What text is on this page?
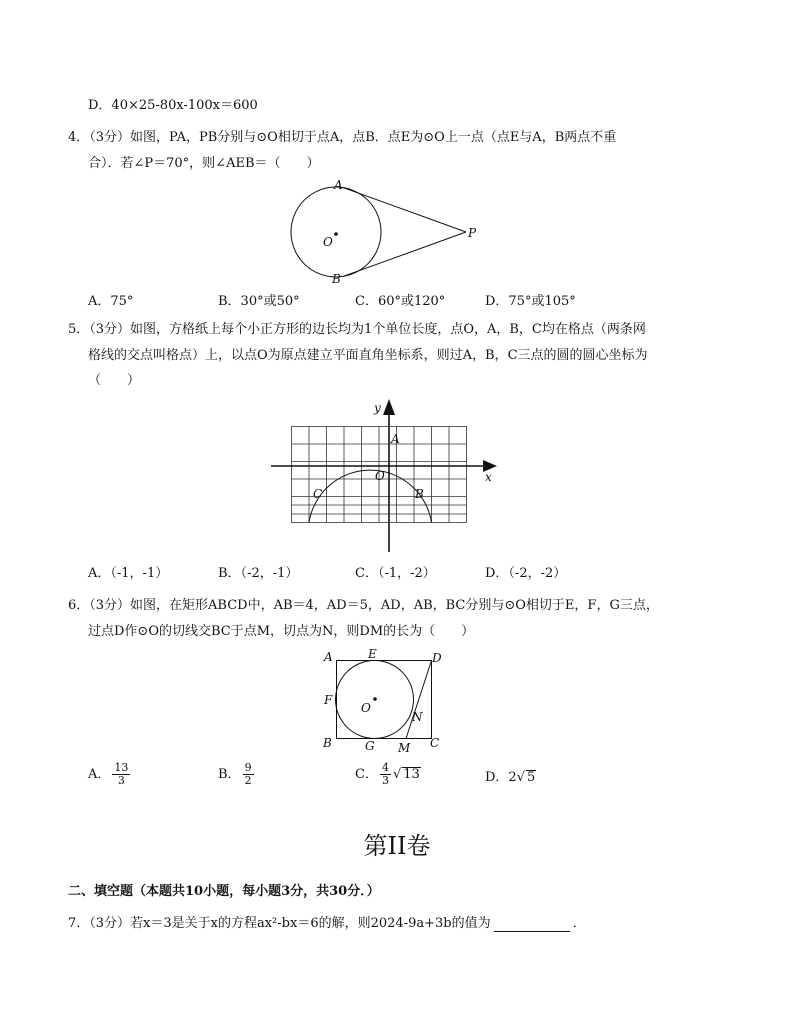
D．40×25-80x-100x＝600
4．（3分）如图，PA，PB分别与⊙O相切于点A，点B．点E为⊙O上一点（点E与A，B两点不重
合）．若∠P＝70°，则∠AEB＝（　　）
A
B
O
P
A．75°	B．30°或50°	C．60°或120°	D．75°或105°
5．（3分）如图，方格纸上每个小正方形的边长均为1个单位长度，点O，A，B，C均在格点（两条网
格线的交点叫格点）上，以点O为原点建立平面直角坐标系，则过A，B，C三点的圆的圆心坐标为
（　　）
x
y
O
A
B
C
A．（-1，-1）	B．（-2，-1）	C．（-1，-2）	D．（-2，-2）
6．（3分）如图，在矩形ABCD中，AB＝4，AD＝5，AD，AB，BC分别与⊙O相切于E，F，G三点，
过点D作⊙O的切线交BC于点M，切点为N，则DM的长为（　　）
A
B	C
D
E
F
G M
N
O
A． $\frac{13}{3}$	B． $\frac{9}{2}$	C． $\frac{4}{3}$ √ 13	D．2√ 5
第II卷
二、填空题（本题共10小题，每小题3分，共30分．）
7．（3分）若x＝3是关于x的方程ax²-bx＝6的解，则2024-9a+3b的值为	．
